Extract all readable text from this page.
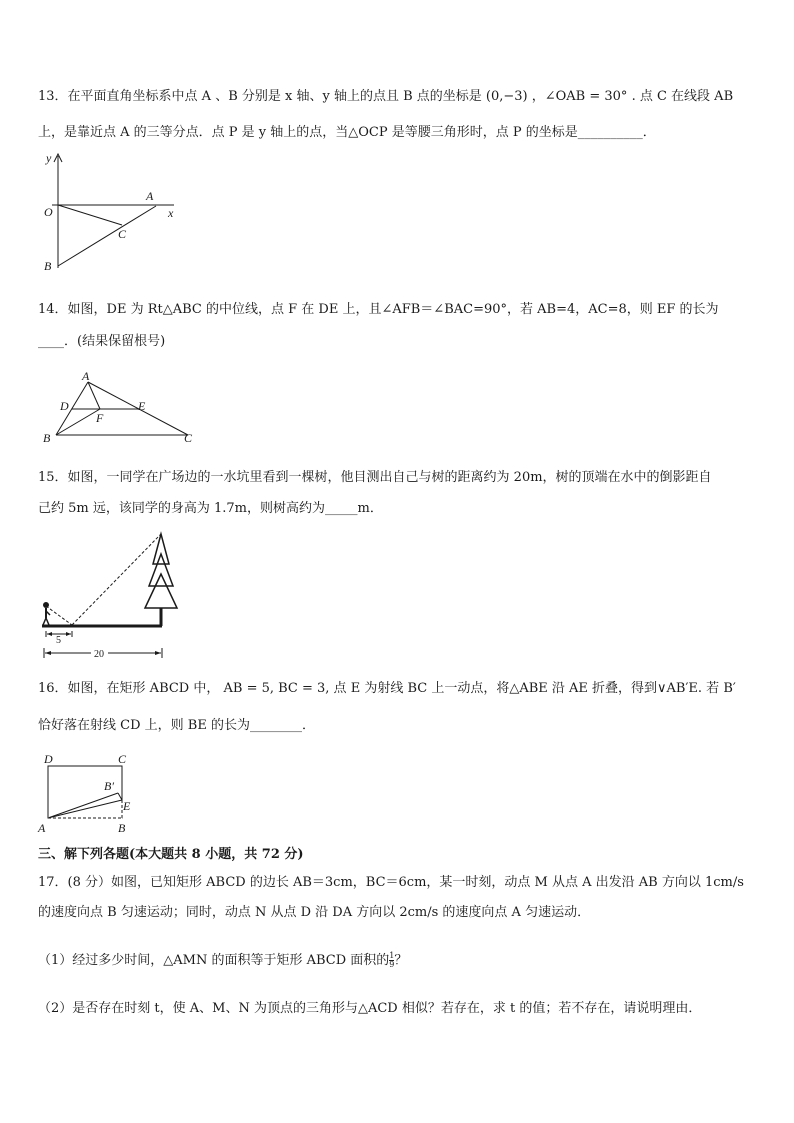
13．在平面直角坐标系中点 A 、B 分别是 x 轴、y 轴上的点且 B 点的坐标是 (0,−3) ，∠OAB = 30° . 点 C 在线段 AB
上，是靠近点 A 的三等分点．点 P 是 y 轴上的点，当△OCP 是等腰三角形时，点 P 的坐标是__________．
y
x
O
A
B
C
14．如图，DE 为 Rt△ABC 的中位线，点 F 在 DE 上，且∠AFB＝∠BAC=90°，若 AB=4，AC=8，则 EF 的长为
____．(结果保留根号)
A
D	E
F
B	C
15．如图，一同学在广场边的一水坑里看到一棵树，他目测出自己与树的距离约为 20m，树的顶端在水中的倒影距自
己约 5m 远，该同学的身高为 1.7m，则树高约为_____m．
5
20
16．如图，在矩形 ABCD 中， AB = 5, BC = 3, 点 E 为射线 BC 上一动点，将△ABE 沿 AE 折叠，得到∨AB′E. 若 B′
恰好落在射线 CD 上，则 BE 的长为________．
D	C
B′
E
A	B
三、解下列各题(本大题共 8 小题，共 72 分)
17．(8 分）如图，已知矩形 ABCD 的边长 AB＝3cm，BC＝6cm，某一时刻，动点 M 从点 A 出发沿 AB 方向以 1cm/s
的速度向点 B 匀速运动；同时，动点 N 从点 D 沿 DA 方向以 2cm/s 的速度向点 A 匀速运动．
（1）经过多少时间，△AMN 的面积等于矩形 ABCD 面积的 $\frac{1}{9}$ ？
（2）是否存在时刻 t，使 A、M、N 为顶点的三角形与△ACD 相似？若存在，求 t 的值；若不存在，请说明理由．
